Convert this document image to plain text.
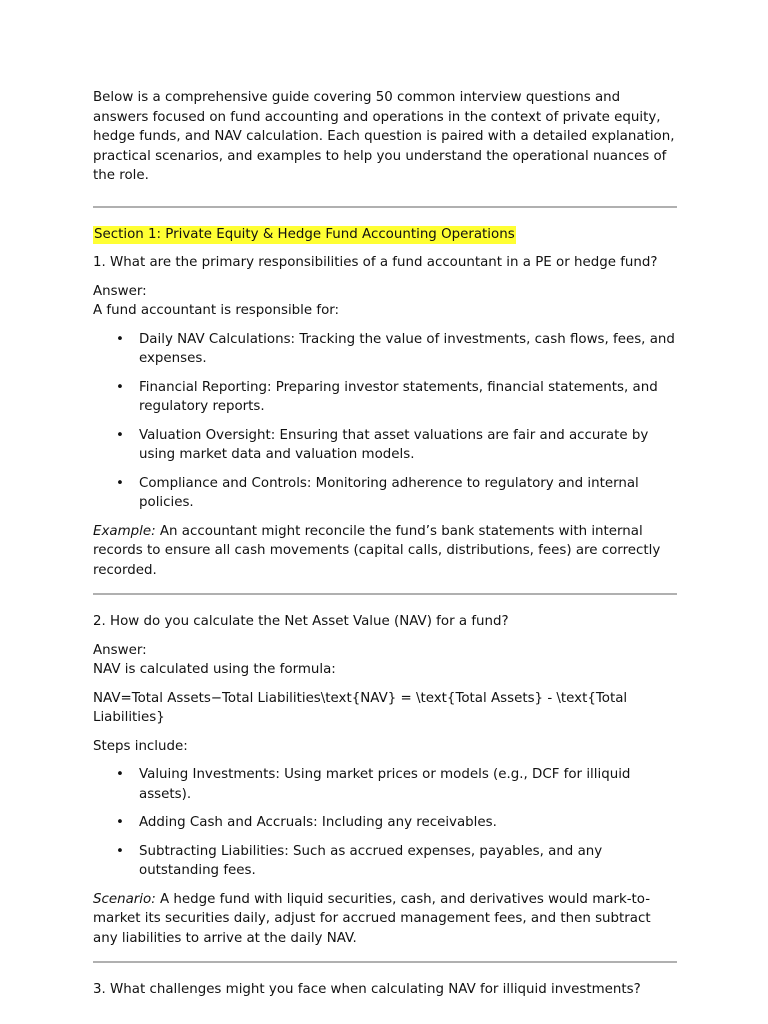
Below is a comprehensive guide covering 50 common interview questions and answers focused on fund accounting and operations in the context of private equity, hedge funds, and NAV calculation. Each question is paired with a detailed explanation, practical scenarios, and examples to help you understand the operational nuances of the role.

Section 1: Private Equity & Hedge Fund Accounting Operations

1. What are the primary responsibilities of a fund accountant in a PE or hedge fund?

Answer:

A fund accountant is responsible for:

• Daily NAV Calculations: Tracking the value of investments, cash flows, fees, and expenses.
• Financial Reporting: Preparing investor statements, financial statements, and regulatory reports.
• Valuation Oversight: Ensuring that asset valuations are fair and accurate by using market data and valuation models.
• Compliance and Controls: Monitoring adherence to regulatory and internal policies.

Example: An accountant might reconcile the fund’s bank statements with internal records to ensure all cash movements (capital calls, distributions, fees) are correctly recorded.

2. How do you calculate the Net Asset Value (NAV) for a fund?

Answer:

NAV is calculated using the formula:

NAV=Total Assets−Total Liabilities\text{NAV} = \text{Total Assets} - \text{Total Liabilities}

Steps include:

• Valuing Investments: Using market prices or models (e.g., DCF for illiquid assets).
• Adding Cash and Accruals: Including any receivables.
• Subtracting Liabilities: Such as accrued expenses, payables, and any outstanding fees.

Scenario: A hedge fund with liquid securities, cash, and derivatives would mark-to-market its securities daily, adjust for accrued management fees, and then subtract any liabilities to arrive at the daily NAV.

3. What challenges might you face when calculating NAV for illiquid investments?
